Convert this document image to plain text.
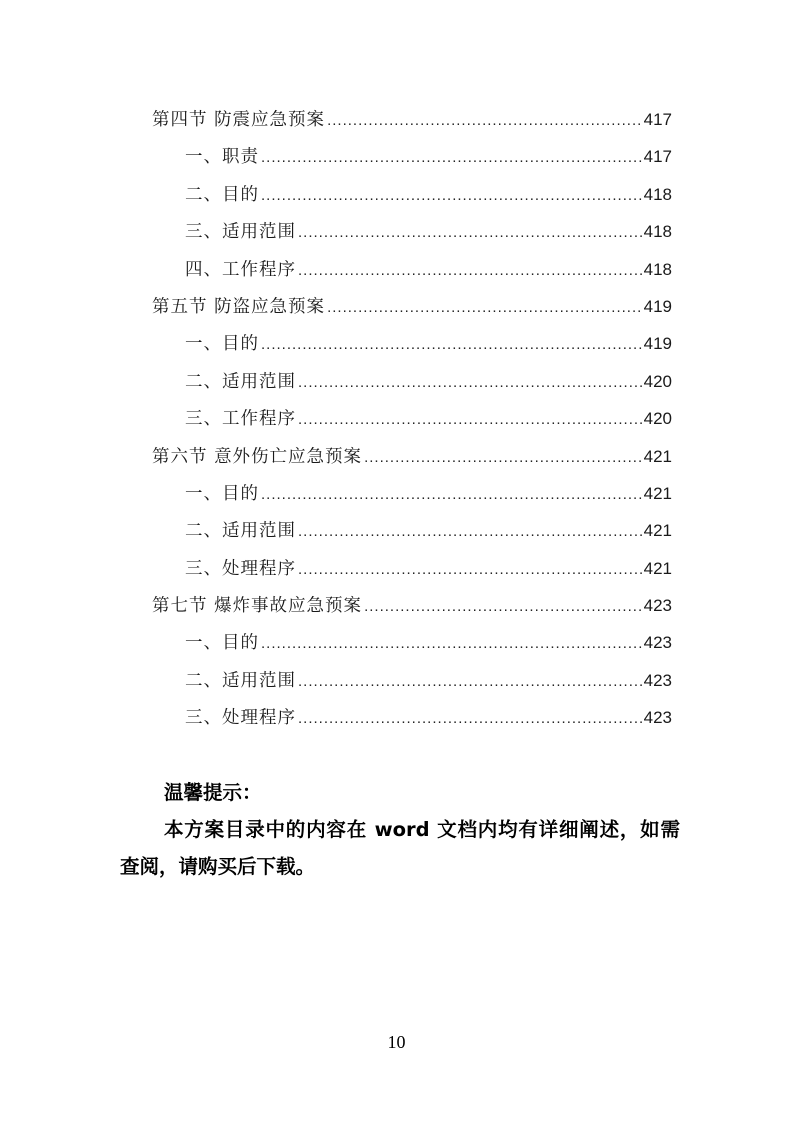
第四节 防震应急预案 .....	417
一、职责 .....	417
二、目的 .....	418
三、适用范围 .....	418
四、工作程序 .....	418
第五节 防盗应急预案 .....	419
一、目的 .....	419
二、适用范围 .....	420
三、工作程序 .....	420
第六节 意外伤亡应急预案 .....	421
一、目的 .....	421
二、适用范围 .....	421
三、处理程序 .....	421
第七节 爆炸事故应急预案 .....	423
一、目的 .....	423
二、适用范围 .....	423
三、处理程序 .....	423
温馨提示：
本方案目录中的内容在 word 文档内均有详细阐述，如需查阅，请购买后下载。
10
